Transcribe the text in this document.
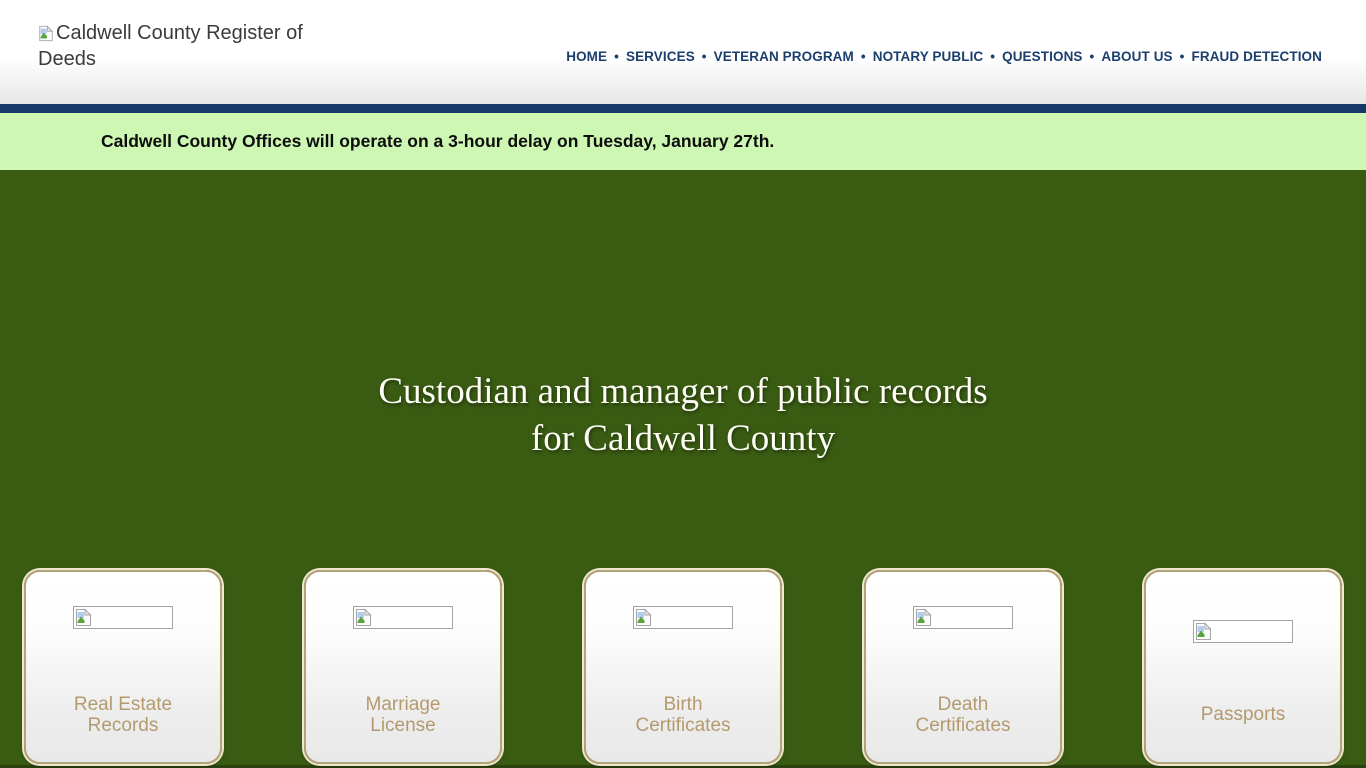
Caldwell County Register of Deeds	HOME • SERVICES • VETERAN PROGRAM • NOTARY PUBLIC • QUESTIONS • ABOUT US • FRAUD DETECTION
Caldwell County Offices will operate on a 3-hour delay on Tuesday, January 27th.
Custodian and manager of public records
for Caldwell County
Real Estate
Records
Marriage
License
Birth
Certificates
Death
Certificates
Passports
